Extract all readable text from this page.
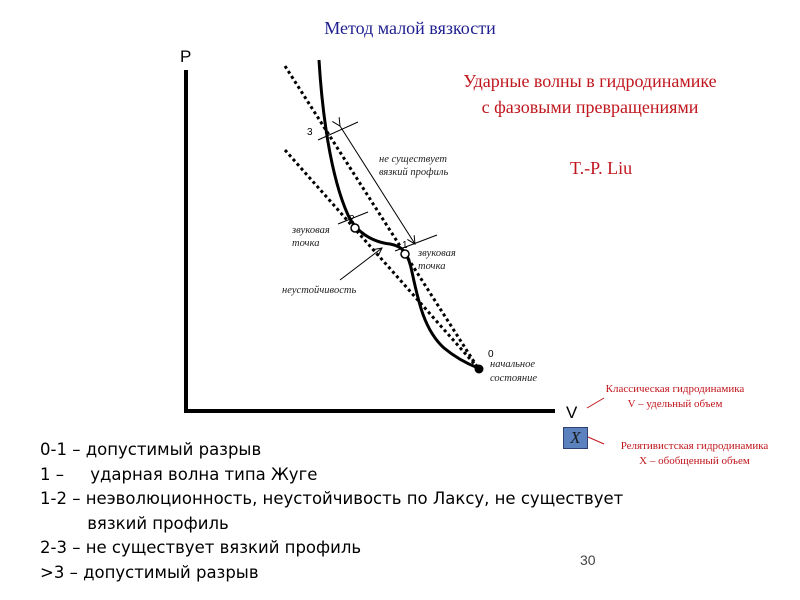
Метод малой вязкости
P
V
3
2
1
0
не существует
вязкий профиль
звуковая
точка
звуковая
точка
неустойчивость
начальное
состояние
Ударные волны в гидродинамике
с фазовыми превращениями
T.-P. Liu
Классическая гидродинамика
V – удельный объем
X	Релятивистская гидродинамика
X – обобщенный объем
0-1 – допустимый разрыв
1 –     ударная волна типа Жуге
1-2 – неэволюционность, неустойчивость по Лаксу, не существует
вязкий профиль
2-3 – не существует вязкий профиль
>3 – допустимый разрыв
30
